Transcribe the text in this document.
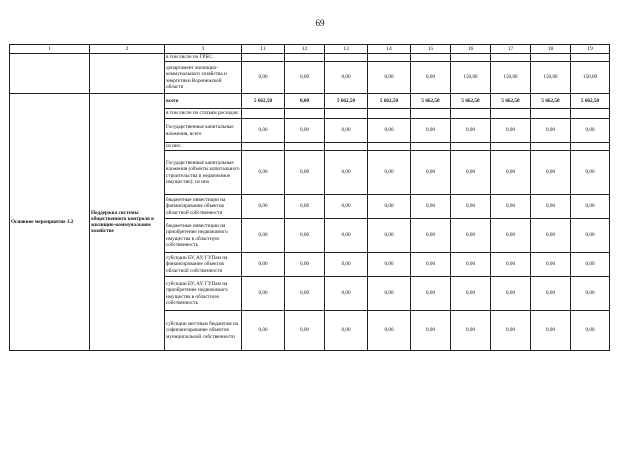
69
1	2	3	11	12	13	14	15	16	17	18	19
		в том числе по ГРБС:									
		департамент жилищно-коммунального хозяйства и энергетики Воронежской области	0,00	0,00	0,00	0,00	0,00	150,00	150,00	150,00	150,00
Основное мероприятие 3.2	Поддержка системы общественного контроля в жилищно-коммунальном хозяйстве	всего	5 662,50	0,00	5 662,50	5 662,50	5 662,50	5 662,50	5 662,50	5 662,50	5 662,50
		в том числе по статьям расходов:									
		Государственные капитальные вложения, всего	0,00	0,00	0,00	0,00	0,00	0,00	0,00	0,00	0,00
		из них:									
		Государственные капитальные вложения (объекты капитального строительства и недвижимое имущество); из них	0,00	0,00	0,00	0,00	0,00	0,00	0,00	0,00	0,00
		бюджетные инвестиции на финансирование объектов областной собственности	0,00	0,00	0,00	0,00	0,00	0,00	0,00	0,00	0,00
		бюджетные инвестиции на приобретение недвижимого имущества в областную собственность	0,00	0,00	0,00	0,00	0,00	0,00	0,00	0,00	0,00
		субсидии БУ, АУ, ГУПам на финансирование объектов областной собственности	0,00	0,00	0,00	0,00	0,00	0,00	0,00	0,00	0,00
		субсидии БУ, АУ, ГУПам на приобретение недвижимого имущества в областную собственность	0,00	0,00	0,00	0,00	0,00	0,00	0,00	0,00	0,00
		субсидии местным бюджетам на софинансирование объектов муниципальной собственности	0,00	0,00	0,00	0,00	0,00	0,00	0,00	0,00	0,00
